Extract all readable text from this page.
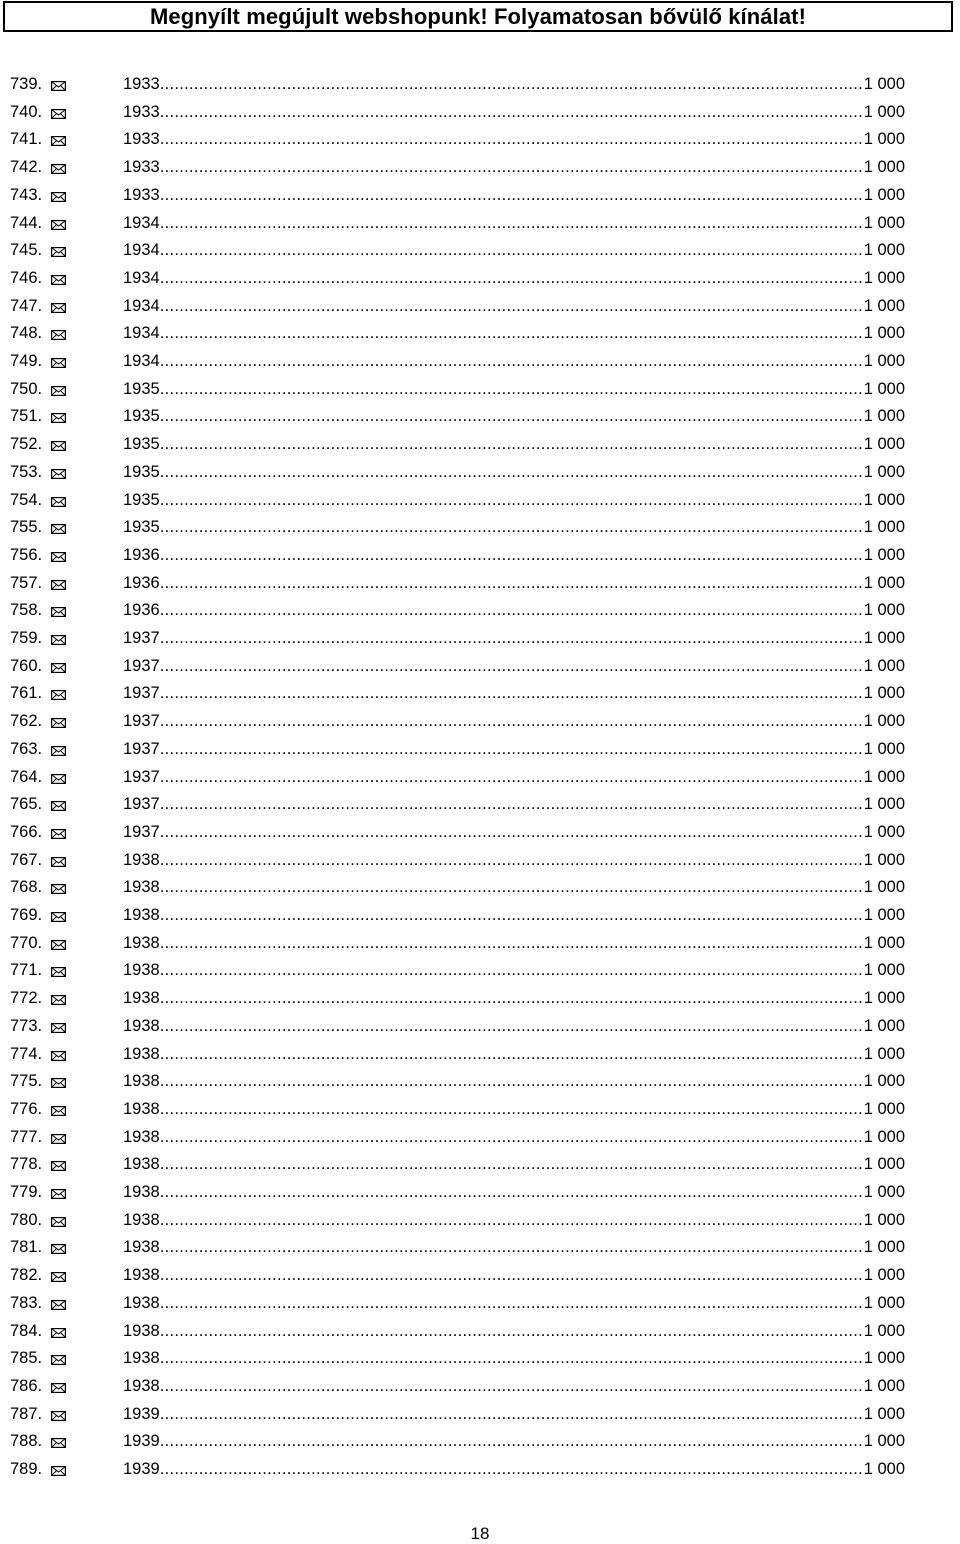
Megnyílt megújult webshopunk! Folyamatosan bővülő kínálat!
739.	1933 .....	1 000
740.	1933 .....	1 000
741.	1933 .....	1 000
742.	1933 .....	1 000
743.	1933 .....	1 000
744.	1934 .....	1 000
745.	1934 .....	1 000
746.	1934 .....	1 000
747.	1934 .....	1 000
748.	1934 .....	1 000
749.	1934 .....	1 000
750.	1935 .....	1 000
751.	1935 .....	1 000
752.	1935 .....	1 000
753.	1935 .....	1 000
754.	1935 .....	1 000
755.	1935 .....	1 000
756.	1936 .....	1 000
757.	1936 .....	1 000
758.	1936 .....	1 000
759.	1937 .....	1 000
760.	1937 .....	1 000
761.	1937 .....	1 000
762.	1937 .....	1 000
763.	1937 .....	1 000
764.	1937 .....	1 000
765.	1937 .....	1 000
766.	1937 .....	1 000
767.	1938 .....	1 000
768.	1938 .....	1 000
769.	1938 .....	1 000
770.	1938 .....	1 000
771.	1938 .....	1 000
772.	1938 .....	1 000
773.	1938 .....	1 000
774.	1938 .....	1 000
775.	1938 .....	1 000
776.	1938 .....	1 000
777.	1938 .....	1 000
778.	1938 .....	1 000
779.	1938 .....	1 000
780.	1938 .....	1 000
781.	1938 .....	1 000
782.	1938 .....	1 000
783.	1938 .....	1 000
784.	1938 .....	1 000
785.	1938 .....	1 000
786.	1938 .....	1 000
787.	1939 .....	1 000
788.	1939 .....	1 000
789.	1939 .....	1 000
18
